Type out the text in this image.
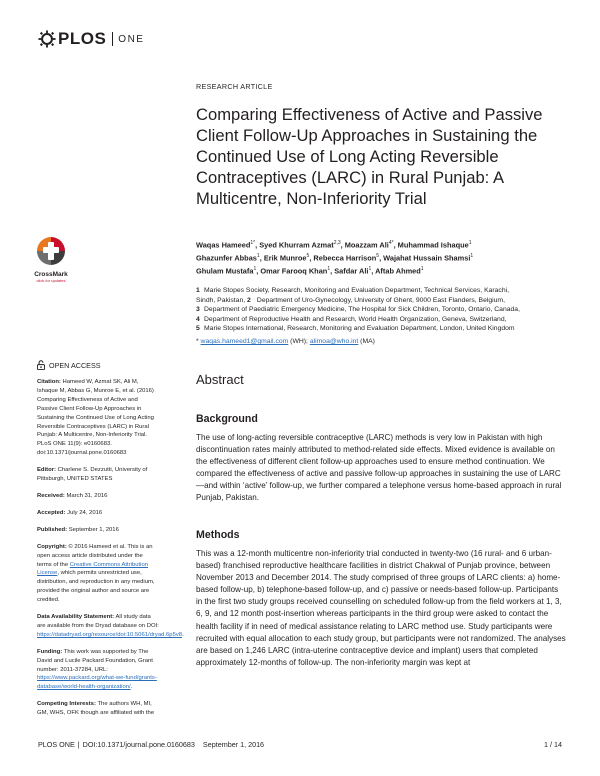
PLOS ONE
RESEARCH ARTICLE
Comparing Effectiveness of Active and Passive Client Follow-Up Approaches in Sustaining the Continued Use of Long Acting Reversible Contraceptives (LARC) in Rural Punjab: A Multicentre, Non-Inferiority Trial
Waqas Hameed$^{1*}$, Syed Khurram Azmat$^{2,3}$, Moazzam Ali$^{4*}$, Muhammad Ishaque$^1$
Ghazunfer Abbas$^1$, Erik Munroe$^5$, Rebecca Harrison$^5$, Wajahat Hussain Shamsi$^1$
Ghulam Mustafa$^1$, Omar Farooq Khan$^1$, Safdar Ali$^1$, Aftab Ahmed$^1$
1 Marie Stopes Society, Research, Monitoring and Evaluation Department, Technical Services, Karachi,
Sindh, Pakistan, 2 Department of Uro-Gynecology, University of Ghent, 9000 East Flanders, Belgium,
3 Department of Paediatric Emergency Medicine, The Hospital for Sick Children, Toronto, Ontario, Canada,
4 Department of Reproductive Health and Research, World Health Organization, Geneva, Switzerland,
5 Marie Stopes International, Research, Monitoring and Evaluation Department, London, United Kingdom
* waqas.hameed1@gmail.com (WH); alimoa@who.int (MA)
Abstract
Background
The use of long-acting reversible contraceptive (LARC) methods is very low in Pakistan with high discontinuation rates mainly attributed to method-related side effects. Mixed evidence is available on the effectiveness of different client follow-up approaches used to ensure method continuation. We compared the effectiveness of active and passive follow-up approaches in sustaining the use of LARC—and within ‘active’ follow-up, we further compared a telephone versus home-based approach in rural Punjab, Pakistan.
Methods
This was a 12-month multicentre non-inferiority trial conducted in twenty-two (16 rural- and 6 urban-based) franchised reproductive healthcare facilities in district Chakwal of Punjab province, between November 2013 and December 2014. The study comprised of three groups of LARC clients: a) home-based follow-up, b) telephone-based follow-up, and c) passive or needs-based follow-up. Participants in the first two study groups received counselling on scheduled follow-up from the field workers at 1, 3, 6, 9, and 12 month post-insertion whereas participants in the third group were asked to contact the health facility if in need of medical assistance relating to LARC method use. Study participants were recruited with equal allocation to each study group, but participants were not randomized. The analyses are based on 1,246 LARC (intra-uterine contraceptive device and implant) users that completed approximately 12-months of follow-up. The non-inferiority margin was kept at
CrossMark
click for updates
OPEN ACCESS
Citation: Hameed W, Azmat SK, Ali M, Ishaque M, Abbas G, Munroe E, et al. (2016) Comparing Effectiveness of Active and Passive Client Follow-Up Approaches in Sustaining the Continued Use of Long Acting Reversible Contraceptives (LARC) in Rural Punjab: A Multicentre, Non-Inferiority Trial. PLoS ONE 11(9): e0160683. doi:10.1371/journal.pone.0160683
Editor: Charlene S. Dezzutti, University of Pittsburgh, UNITED STATES
Received: March 31, 2016
Accepted: July 24, 2016
Published: September 1, 2016
Copyright: © 2016 Hameed et al. This is an open access article distributed under the terms of the Creative Commons Attribution License, which permits unrestricted use, distribution, and reproduction in any medium, provided the original author and source are credited.
Data Availability Statement: All study data are available from the Dryad database on DOI: https://datadryad.org/resource/doi:10.5061/dryad.6p5v8.
Funding: This work was supported by The David and Lucile Packard Foundation, Grant number: 2011-37284, URL: https://www.packard.org/what-we-fund/grants-database/world-health-organization/.
Competing Interests: The authors WH, MI, GM, WHS, OFK though are affiliated with the
PLOS ONE | DOI:10.1371/journal.pone.0160683 September 1, 2016	1 / 14
